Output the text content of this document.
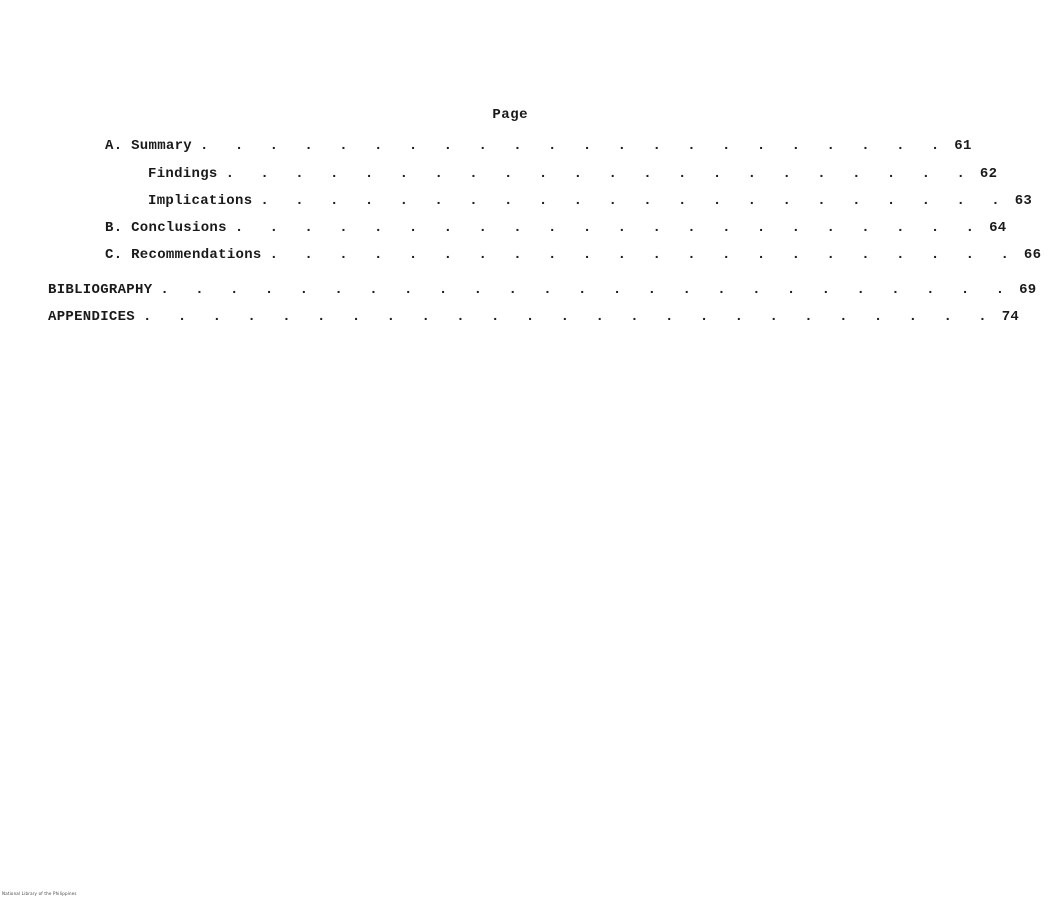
Page
A. Summary . . . . . . . . . . . . . . . . . . . . . . 61
Findings . . . . . . . . . . . . . . . . . . . . . . 62
Implications . . . . . . . . . . . . . . . . . . . . . . 63
B. Conclusions . . . . . . . . . . . . . . . . . . . . . . 64
C. Recommendations . . . . . . . . . . . . . . . . . . . . . . 66
BIBLIOGRAPHY . . . . . . . . . . . . . . . . . . . . . . . . . 69
APPENDICES . . . . . . . . . . . . . . . . . . . . . . . . . 74
National Library of the Philippines
